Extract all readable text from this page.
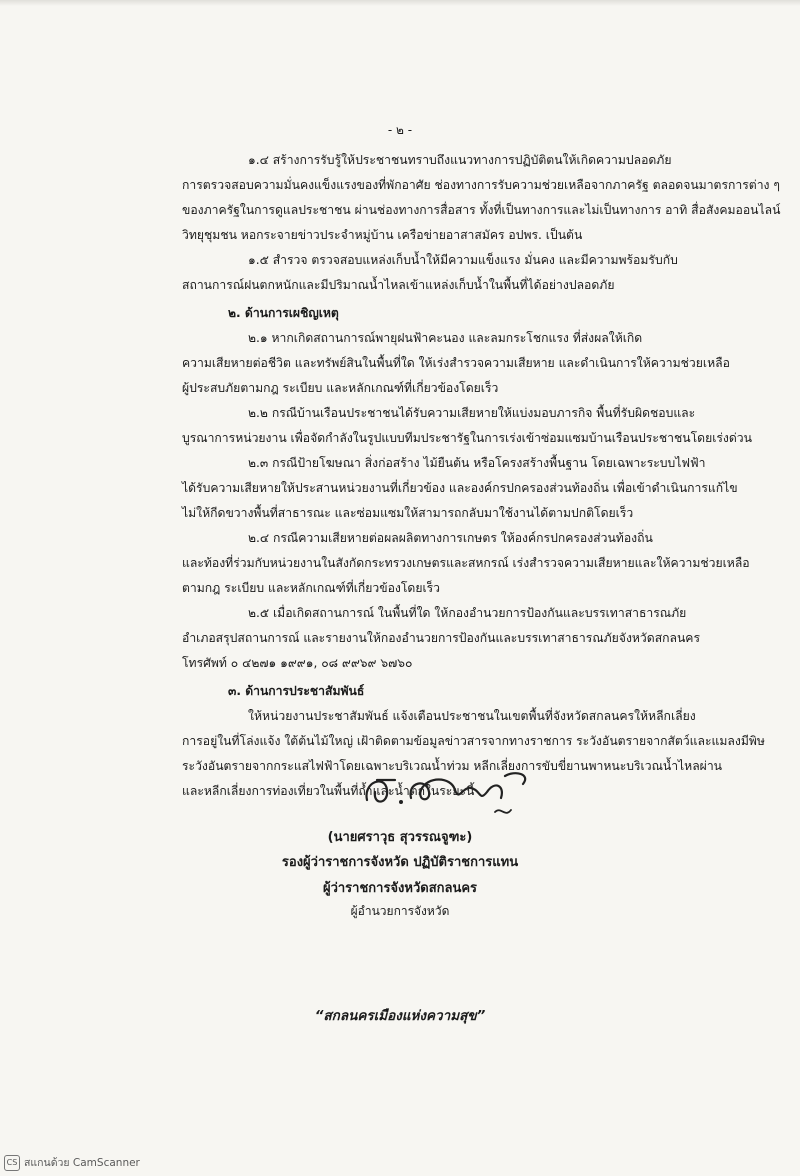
- ๒ -
๑.๔ สร้างการรับรู้ให้ประชาชนทราบถึงแนวทางการปฏิบัติตนให้เกิดความปลอดภัย
การตรวจสอบความมั่นคงแข็งแรงของที่พักอาศัย ช่องทางการรับความช่วยเหลือจากภาครัฐ ตลอดจนมาตรการต่าง ๆ
ของภาครัฐในการดูแลประชาชน ผ่านช่องทางการสื่อสาร ทั้งที่เป็นทางการและไม่เป็นทางการ อาทิ สื่อสังคมออนไลน์
วิทยุชุมชน หอกระจายข่าวประจำหมู่บ้าน เครือข่ายอาสาสมัคร อปพร. เป็นต้น
๑.๕ สำรวจ ตรวจสอบแหล่งเก็บน้ำให้มีความแข็งแรง มั่นคง และมีความพร้อมรับกับ
สถานการณ์ฝนตกหนักและมีปริมาณน้ำไหลเข้าแหล่งเก็บน้ำในพื้นที่ได้อย่างปลอดภัย
๒. ด้านการเผชิญเหตุ
๒.๑ หากเกิดสถานการณ์พายุฝนฟ้าคะนอง และลมกระโชกแรง ที่ส่งผลให้เกิด
ความเสียหายต่อชีวิต และทรัพย์สินในพื้นที่ใด ให้เร่งสำรวจความเสียหาย และดำเนินการให้ความช่วยเหลือ
ผู้ประสบภัยตามกฎ ระเบียบ และหลักเกณฑ์ที่เกี่ยวข้องโดยเร็ว
๒.๒ กรณีบ้านเรือนประชาชนได้รับความเสียหายให้แบ่งมอบภารกิจ พื้นที่รับผิดชอบและ
บูรณาการหน่วยงาน เพื่อจัดกำลังในรูปแบบทีมประชารัฐในการเร่งเข้าซ่อมแซมบ้านเรือนประชาชนโดยเร่งด่วน
๒.๓ กรณีป้ายโฆษณา สิ่งก่อสร้าง ไม้ยืนต้น หรือโครงสร้างพื้นฐาน โดยเฉพาะระบบไฟฟ้า
ได้รับความเสียหายให้ประสานหน่วยงานที่เกี่ยวข้อง และองค์กรปกครองส่วนท้องถิ่น เพื่อเข้าดำเนินการแก้ไข
ไม่ให้กีดขวางพื้นที่สาธารณะ และซ่อมแซมให้สามารถกลับมาใช้งานได้ตามปกติโดยเร็ว
๒.๔ กรณีความเสียหายต่อผลผลิตทางการเกษตร ให้องค์กรปกครองส่วนท้องถิ่น
และท้องที่ร่วมกับหน่วยงานในสังกัดกระทรวงเกษตรและสหกรณ์ เร่งสำรวจความเสียหายและให้ความช่วยเหลือ
ตามกฎ ระเบียบ และหลักเกณฑ์ที่เกี่ยวข้องโดยเร็ว
๒.๕ เมื่อเกิดสถานการณ์ ในพื้นที่ใด ให้กองอำนวยการป้องกันและบรรเทาสาธารณภัย
อำเภอสรุปสถานการณ์ และรายงานให้กองอำนวยการป้องกันและบรรเทาสาธารณภัยจังหวัดสกลนคร
โทรศัพท์ ๐ ๔๒๗๑ ๑๙๙๑, ๐๘ ๙๙๖๙ ๖๗๖๐
๓. ด้านการประชาสัมพันธ์
ให้หน่วยงานประชาสัมพันธ์ แจ้งเตือนประชาชนในเขตพื้นที่จังหวัดสกลนครให้หลีกเลี่ยง
การอยู่ในที่โล่งแจ้ง ใต้ต้นไม้ใหญ่ เฝ้าติดตามข้อมูลข่าวสารจากทางราชการ ระวังอันตรายจากสัตว์และแมลงมีพิษ
ระวังอันตรายจากกระแสไฟฟ้าโดยเฉพาะบริเวณน้ำท่วม หลีกเลี่ยงการขับขี่ยานพาหนะบริเวณน้ำไหลผ่าน
และหลีกเลี่ยงการท่องเที่ยวในพื้นที่ถ้ำและน้ำตกในระยะนี้
(นายศราวุธ สุวรรณจูฑะ)
รองผู้ว่าราชการจังหวัด ปฏิบัติราชการแทน
ผู้ว่าราชการจังหวัดสกลนคร
ผู้อำนวยการจังหวัด
“สกลนครเมืองแห่งความสุข”
CS สแกนด้วย CamScanner
